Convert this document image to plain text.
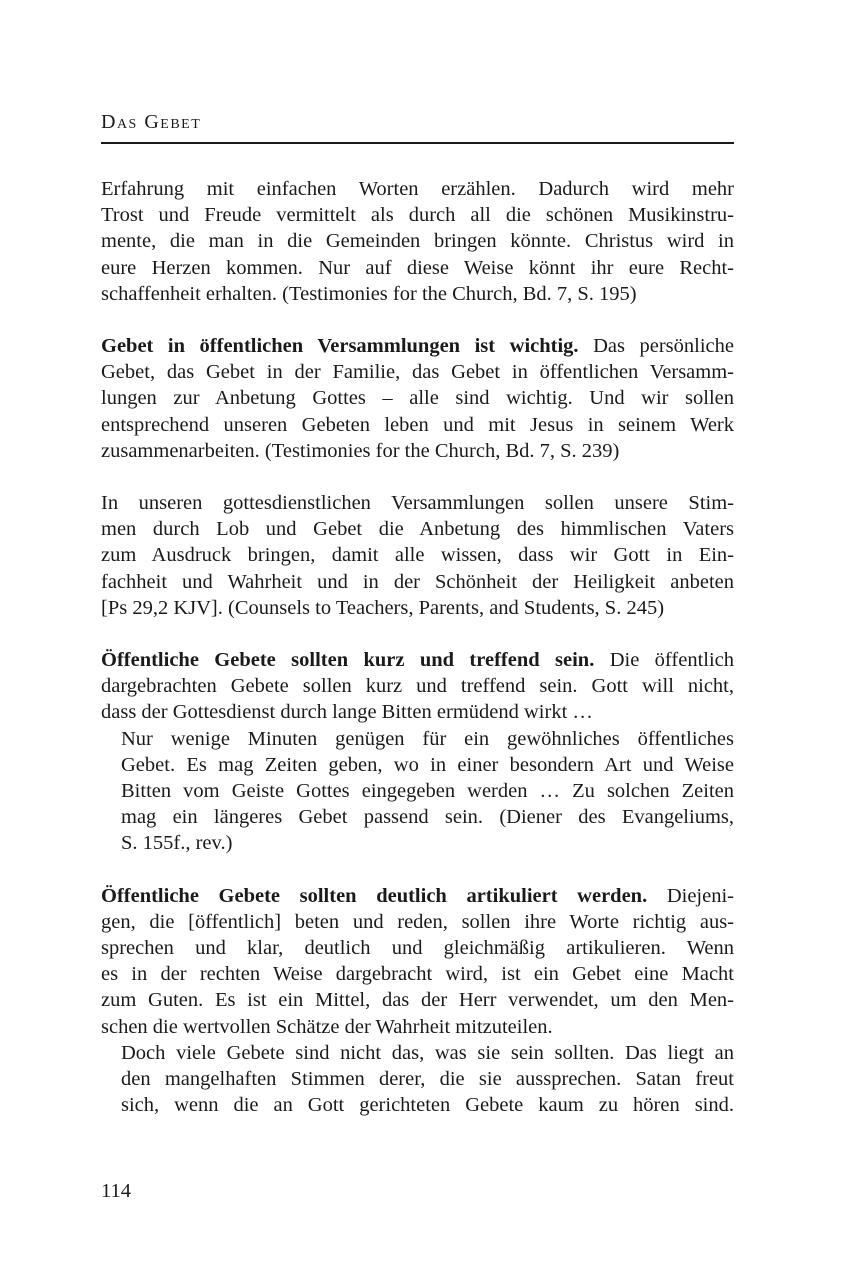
Das Gebet

Erfahrung mit einfachen Worten erzählen. Dadurch wird mehr
Trost und Freude vermittelt als durch all die schönen Musikinstru-
mente, die man in die Gemeinden bringen könnte. Christus wird in
eure Herzen kommen. Nur auf diese Weise könnt ihr eure Recht-
schaffenheit erhalten. (Testimonies for the Church, Bd. 7, S. 195)

Gebet in öffentlichen Versammlungen ist wichtig. Das persönliche
Gebet, das Gebet in der Familie, das Gebet in öffentlichen Versamm-
lungen zur Anbetung Gottes – alle sind wichtig. Und wir sollen
entsprechend unseren Gebeten leben und mit Jesus in seinem Werk
zusammenarbeiten. (Testimonies for the Church, Bd. 7, S. 239)

In unseren gottesdienstlichen Versammlungen sollen unsere Stim-
men durch Lob und Gebet die Anbetung des himmlischen Vaters
zum Ausdruck bringen, damit alle wissen, dass wir Gott in Ein-
fachheit und Wahrheit und in der Schönheit der Heiligkeit anbeten
[Ps 29,2 KJV]. (Counsels to Teachers, Parents, and Students, S. 245)

Öffentliche Gebete sollten kurz und treffend sein. Die öffentlich
dargebrachten Gebete sollen kurz und treffend sein. Gott will nicht,
dass der Gottesdienst durch lange Bitten ermüdend wirkt …

Nur wenige Minuten genügen für ein gewöhnliches öffentliches
Gebet. Es mag Zeiten geben, wo in einer besondern Art und Weise
Bitten vom Geiste Gottes eingegeben werden … Zu solchen Zeiten
mag ein längeres Gebet passend sein. (Diener des Evangeliums,
S. 155f., rev.)

Öffentliche Gebete sollten deutlich artikuliert werden. Diejeni-
gen, die [öffentlich] beten und reden, sollen ihre Worte richtig aus-
sprechen und klar, deutlich und gleichmäßig artikulieren. Wenn
es in der rechten Weise dargebracht wird, ist ein Gebet eine Macht
zum Guten. Es ist ein Mittel, das der Herr verwendet, um den Men-
schen die wertvollen Schätze der Wahrheit mitzuteilen.

Doch viele Gebete sind nicht das, was sie sein sollten. Das liegt an
den mangelhaften Stimmen derer, die sie aussprechen. Satan freut
sich, wenn die an Gott gerichteten Gebete kaum zu hören sind.

114
